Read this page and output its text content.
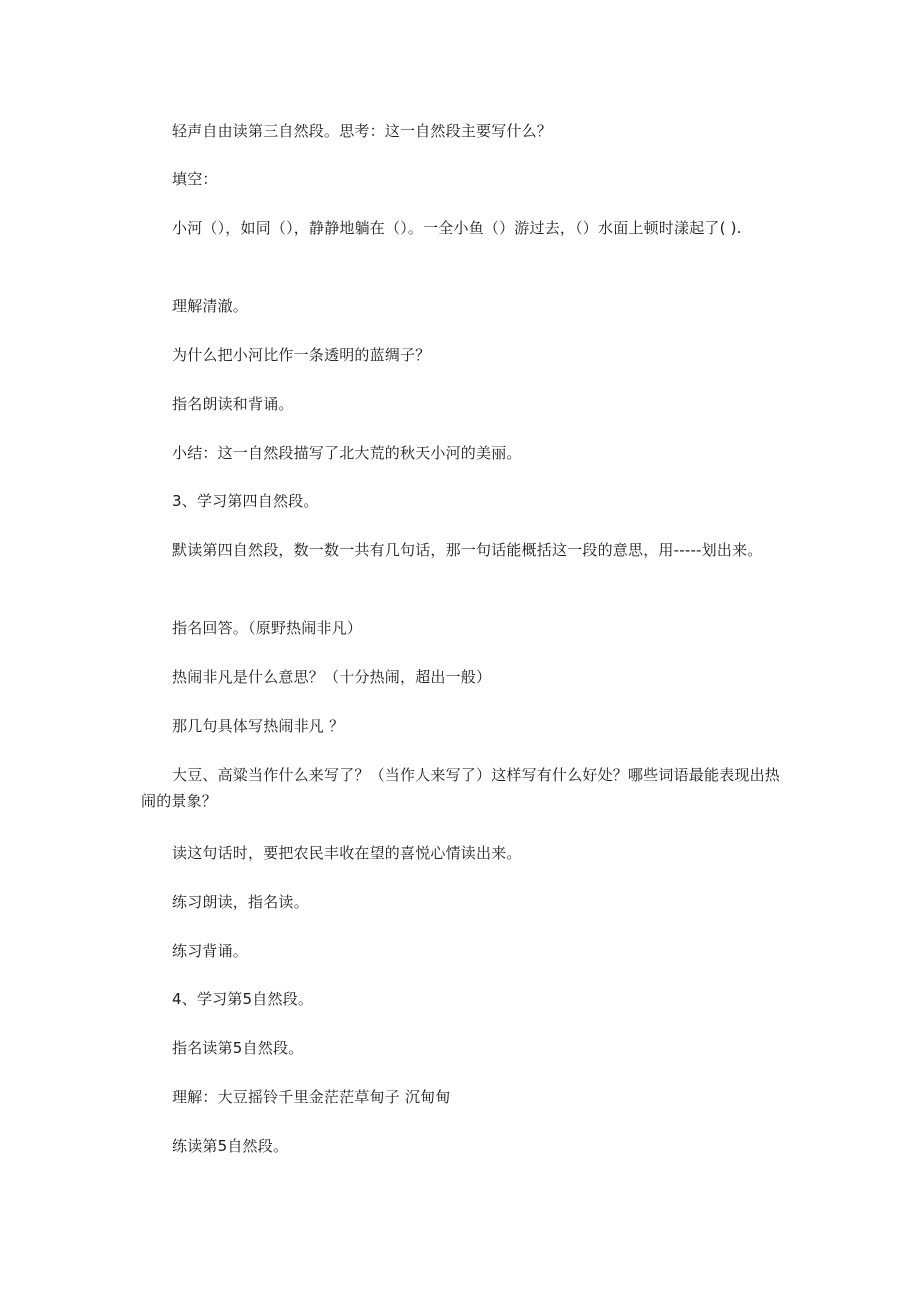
轻声自由读第三自然段。思考：这一自然段主要写什么？

填空：

小河（），如同（），静静地躺在（）。一全小鱼（）游过去，（）水面上顿时漾起了( ).

理解清澈。

为什么把小河比作一条透明的蓝绸子？

指名朗读和背诵。

小结：这一自然段描写了北大荒的秋天小河的美丽。

3、学习第四自然段。

默读第四自然段，数一数一共有几句话，那一句话能概括这一段的意思，用-----划出来。

指名回答。（原野热闹非凡）

热闹非凡是什么意思？（十分热闹，超出一般）

那几句具体写热闹非凡 ？

大豆、高粱当作什么来写了？（当作人来写了）这样写有什么好处？哪些词语最能表现出热闹的景象？

读这句话时，要把农民丰收在望的喜悦心情读出来。

练习朗读，指名读。

练习背诵。

4、学习第5自然段。

指名读第5自然段。

理解：大豆摇铃千里金茫茫草甸子 沉甸甸

练读第5自然段。
